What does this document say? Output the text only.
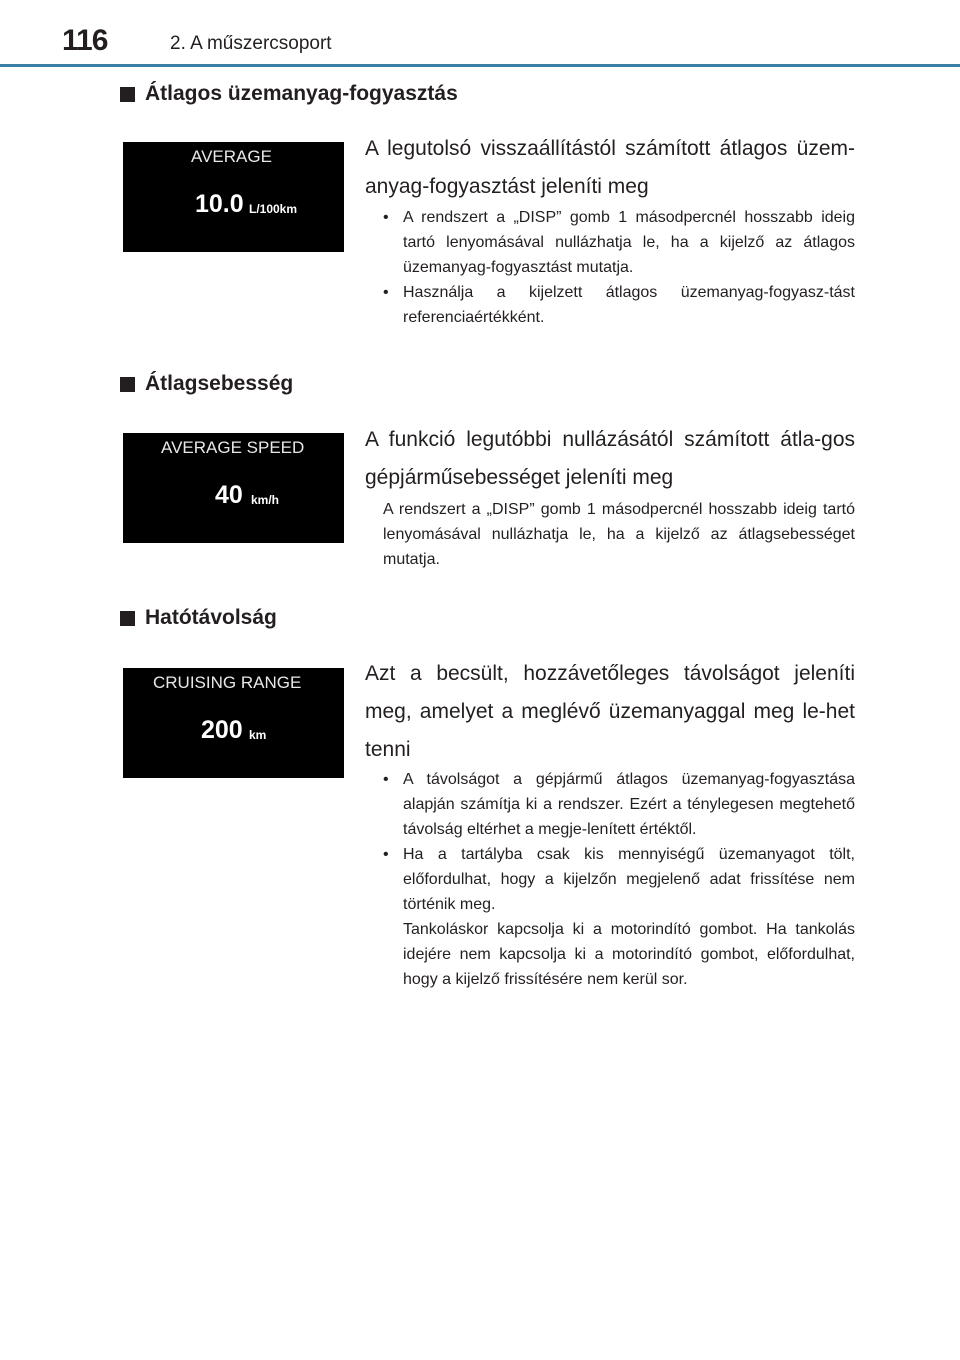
116	2. A műszercsoport
Átlagos üzemanyag-fogyasztás
AVERAGE
10.0 L/100km
A legutolsó visszaállítástól számított átlagos üzem-anyag-fogyasztást jeleníti meg
• A rendszert a „DISP” gomb 1 másodpercnél hosszabb ideig tartó lenyomásával nullázhatja le, ha a kijelző az átlagos üzemanyag-fogyasztást mutatja.
• Használja a kijelzett átlagos üzemanyag-fogyasz-tást referenciaértékként.
Átlagsebesség
AVERAGE SPEED
40 km/h
A funkció legutóbbi nullázásától számított átla-gos gépjárműsebességet jeleníti meg
A rendszert a „DISP” gomb 1 másodpercnél hosszabb ideig tartó lenyomásával nullázhatja le, ha a kijelző az átlagsebességet mutatja.
Hatótávolság
CRUISING RANGE
200 km
Azt a becsült, hozzávetőleges távolságot jeleníti meg, amelyet a meglévő üzemanyaggal meg le-het tenni
• A távolságot a gépjármű átlagos üzemanyag-fogyasztása alapján számítja ki a rendszer. Ezért a ténylegesen megtehető távolság eltérhet a megje-lenített értéktől.
• Ha a tartályba csak kis mennyiségű üzemanyagot tölt, előfordulhat, hogy a kijelzőn megjelenő adat frissítése nem történik meg.
Tankoláskor kapcsolja ki a motorindító gombot. Ha tankolás idejére nem kapcsolja ki a motorindító gombot, előfordulhat, hogy a kijelző frissítésére nem kerül sor.
